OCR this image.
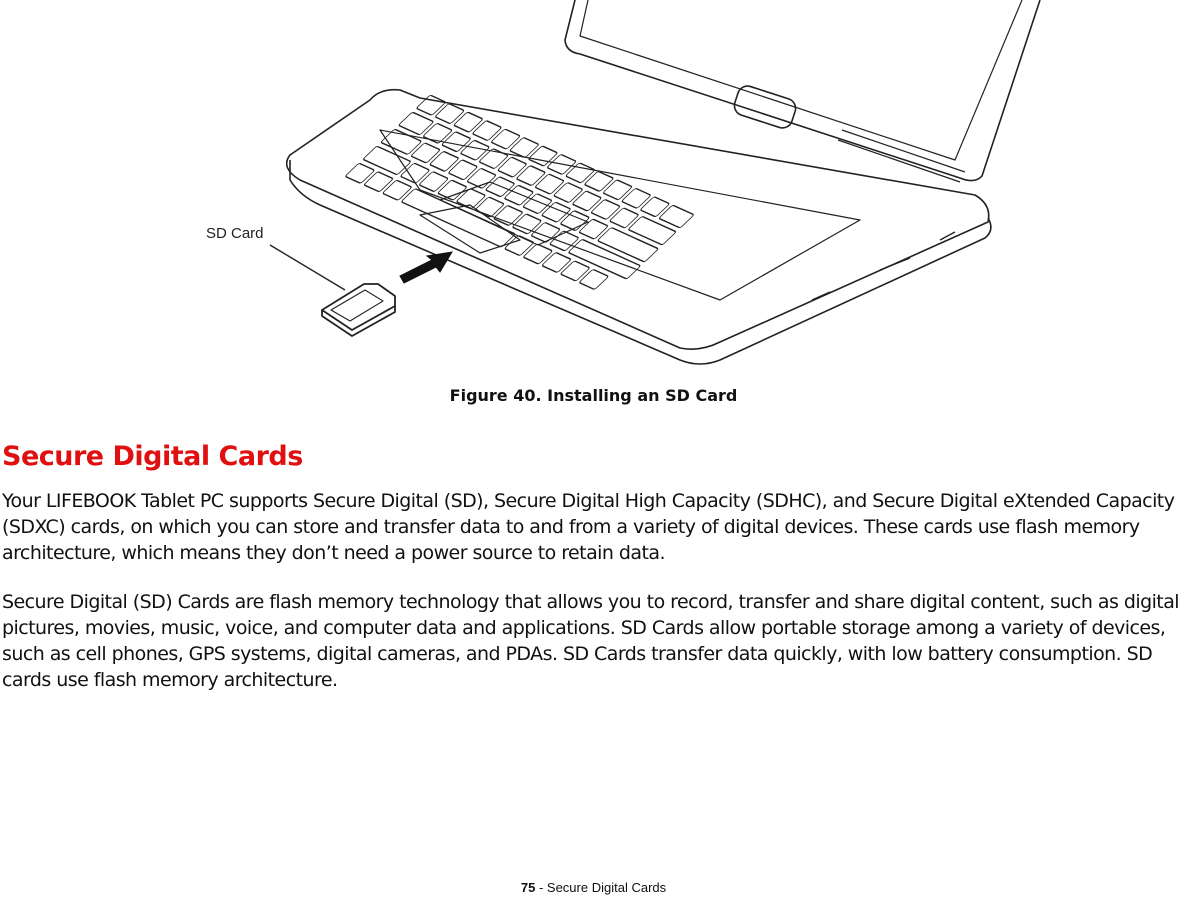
SD Card
Figure 40. Installing an SD Card
Secure Digital Cards
Your LIFEBOOK Tablet PC supports Secure Digital (SD), Secure Digital High Capacity (SDHC), and Secure Digital eXtended Capacity (SDXC) cards, on which you can store and transfer data to and from a variety of digital devices. These cards use flash memory architecture, which means they don’t need a power source to retain data.
Secure Digital (SD) Cards are flash memory technology that allows you to record, transfer and share digital content, such as digital pictures, movies, music, voice, and computer data and applications. SD Cards allow portable storage among a variety of devices, such as cell phones, GPS systems, digital cameras, and PDAs. SD Cards transfer data quickly, with low battery consumption. SD cards use flash memory architecture.
75 - Secure Digital Cards
